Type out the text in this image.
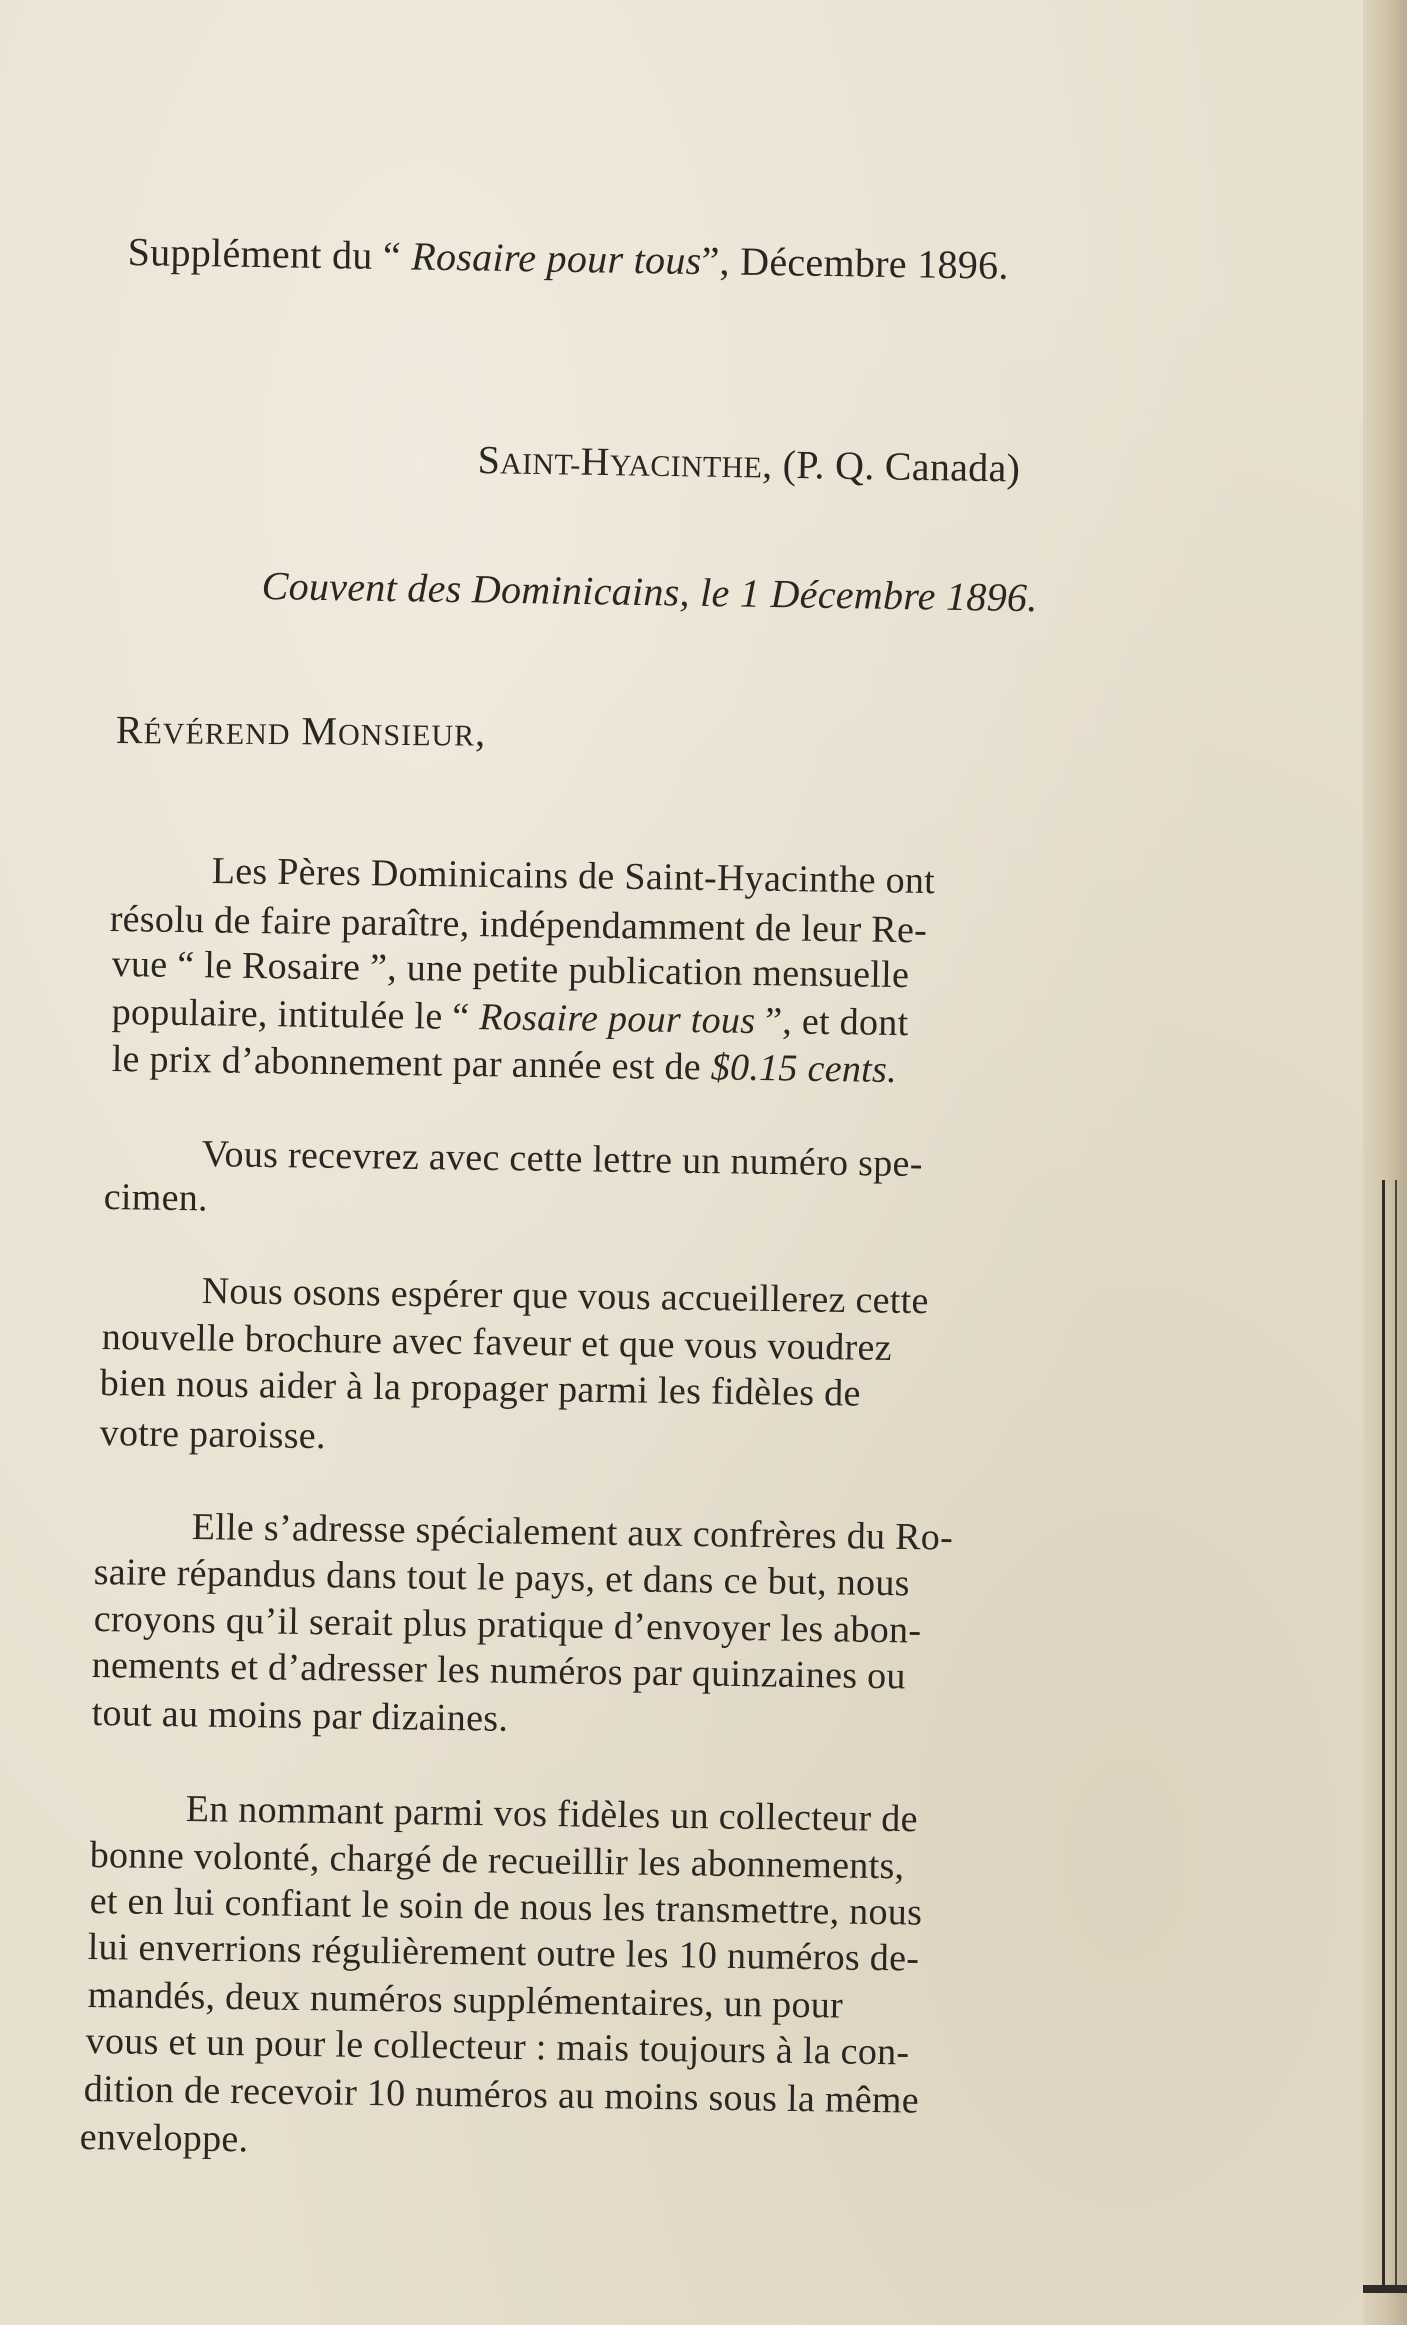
Supplément du “ Rosaire pour tous”, Décembre 1896.
SAINT-HYACINTHE, (P. Q. Canada)
Couvent des Dominicains, le 1 Décembre 1896.
RÉVÉREND MONSIEUR,
Les Pères Dominicains de Saint-Hyacinthe ont
résolu de faire paraître, indépendamment de leur Re-
vue “ le Rosaire ”, une petite publication mensuelle
populaire, intitulée le “ Rosaire pour tous ”, et dont
le prix d’abonnement par année est de $0.15 cents.
Vous recevrez avec cette lettre un numéro spe-
cimen.
Nous osons espérer que vous accueillerez cette
nouvelle brochure avec faveur et que vous voudrez
bien nous aider à la propager parmi les fidèles de
votre paroisse.
Elle s’adresse spécialement aux confrères du Ro-
saire répandus dans tout le pays, et dans ce but, nous
croyons qu’il serait plus pratique d’envoyer les abon-
nements et d’adresser les numéros par quinzaines ou
tout au moins par dizaines.
En nommant parmi vos fidèles un collecteur de
bonne volonté, chargé de recueillir les abonnements,
et en lui confiant le soin de nous les transmettre, nous
lui enverrions régulièrement outre les 10 numéros de-
mandés, deux numéros supplémentaires, un pour
vous et un pour le collecteur : mais toujours à la con-
dition de recevoir 10 numéros au moins sous la même
enveloppe.
